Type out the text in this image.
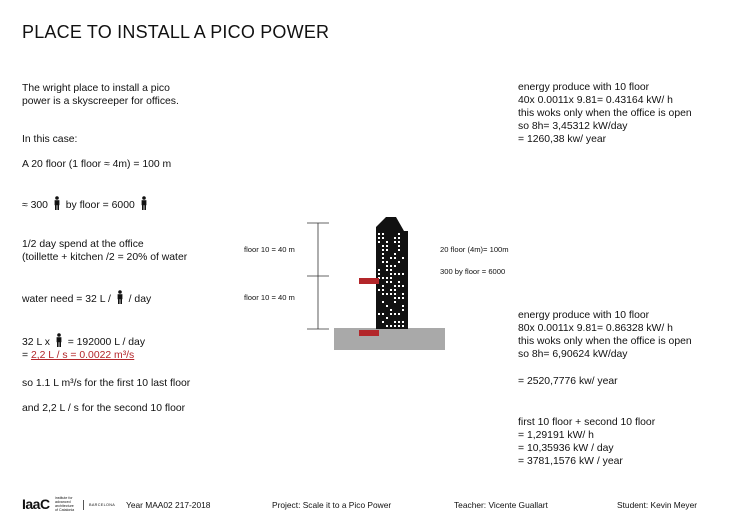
PLACE TO INSTALL A PICO POWER
The wright place to install a pico
power is a skyscreeper for offices.
In this case:
A 20 floor (1 floor ≈ 4m) = 100 m
≈ 300 by floor = 6000
1/2 day spend at the office
(toillette + kitchen /2 = 20% of water
water need = 32 L / / day
32 L x = 192000 L / day
= 2,2 L / s = 0.0022 m³/s
so 1.1 L m³/s for the first 10 last floor
and 2,2 L / s for the second 10 floor
energy produce with 10 floor
40x 0.0011x 9.81= 0.43164 kW/ h
this woks only when the office is open
so 8h= 3,45312 kW/day
= 1260,38 kw/ year
energy produce with 10 floor
80x 0.0011x 9.81= 0.86328 kW/ h
this woks only when the office is open
so 8h= 6,90624 kW/day
= 2520,7776 kw/ year
first 10 floor + second 10 floor
= 1,29191 kW/ h
= 10,35936 kW / day
= 3781,1576 kW / year
floor 10 = 40 m
floor 10 = 40 m
20 floor (4m)= 100m
300 by floor = 6000
IaaC institute for
advanced
architecture
of Catalonia
BARCELONA Year MAA02 217-2018	Project: Scale it to a Pico Power	Teacher: Vicente Guallart	Student: Kevin Meyer
